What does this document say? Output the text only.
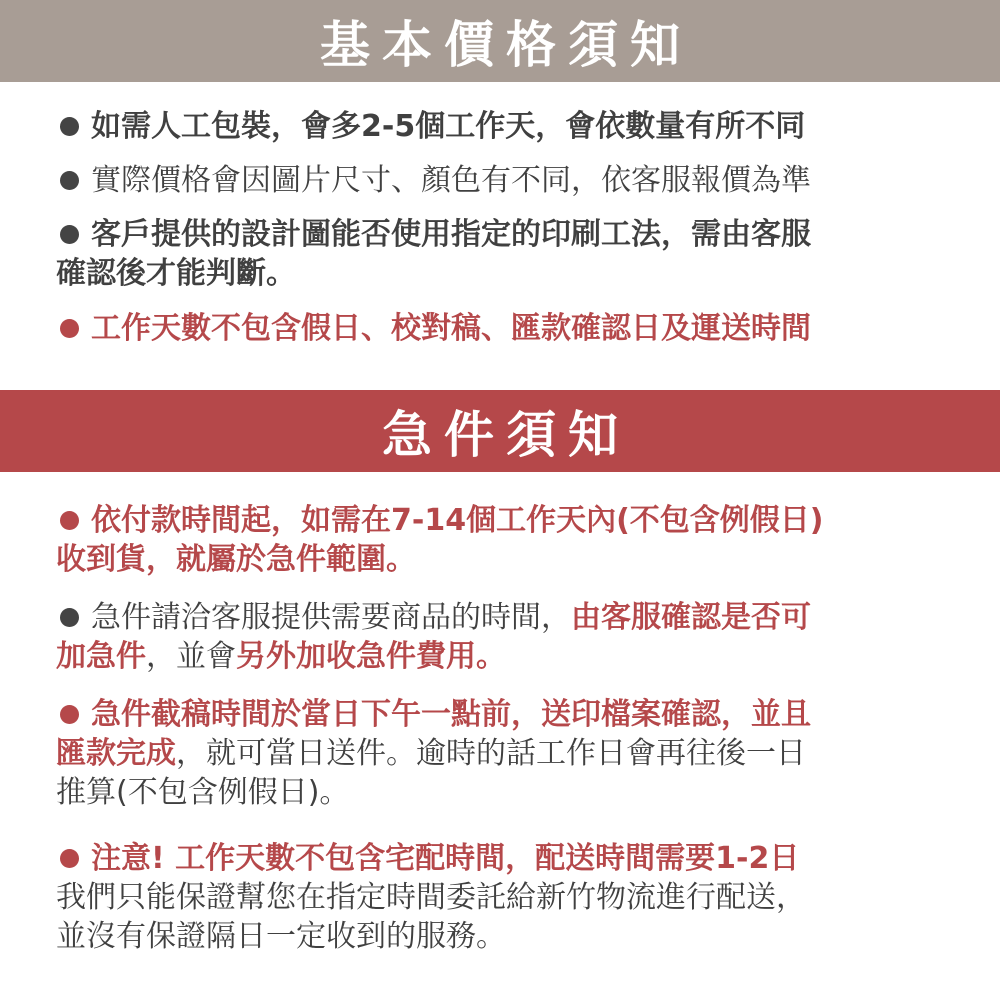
基本價格須知
如需人工包裝，會多2-5個工作天，會依數量有所不同
實際價格會因圖片尺寸、顏色有不同，依客服報價為準
客戶提供的設計圖能否使用指定的印刷工法，需由客服
確認後才能判斷。
工作天數不包含假日、校對稿、匯款確認日及運送時間
急件須知
依付款時間起，如需在7-14個工作天內(不包含例假日)
收到貨，就屬於急件範圍。
急件請洽客服提供需要商品的時間，由客服確認是否可
加急件，並會另外加收急件費用。
急件截稿時間於當日下午一點前，送印檔案確認，並且
匯款完成，就可當日送件。逾時的話工作日會再往後一日
推算(不包含例假日)。
注意! 工作天數不包含宅配時間，配送時間需要1-2日
我們只能保證幫您在指定時間委託給新竹物流進行配送，
並沒有保證隔日一定收到的服務。
